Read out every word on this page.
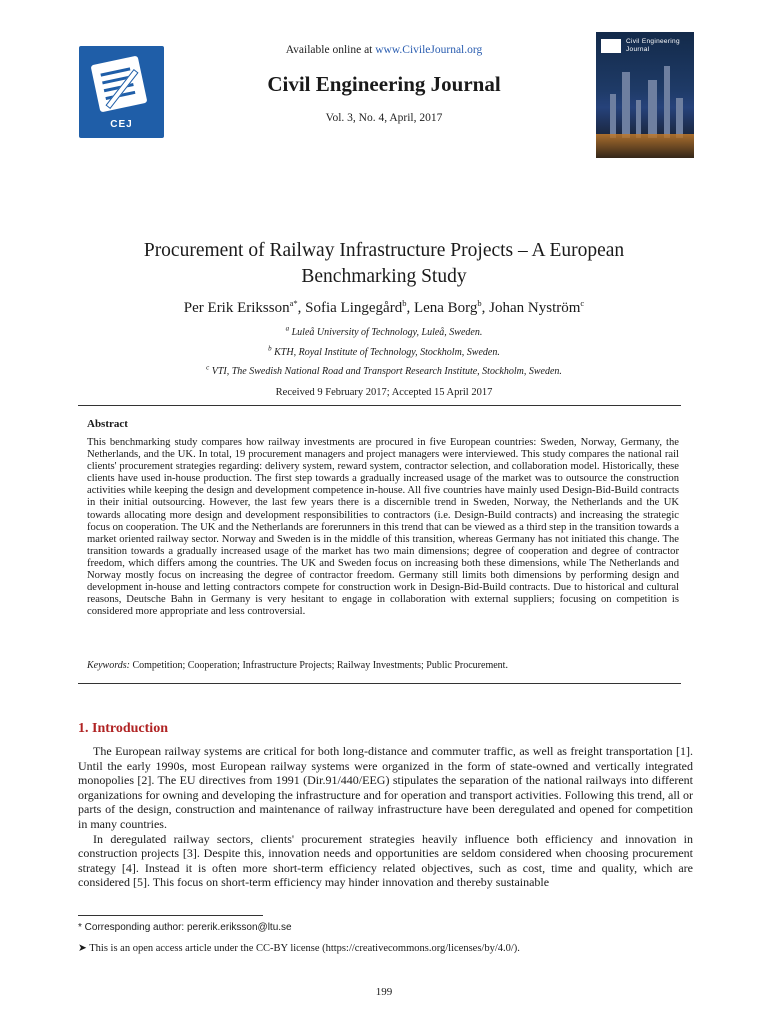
CEJ
Available online at www.CivileJournal.org
Civil Engineering Journal
Vol. 3, No. 4, April, 2017
Civil Engineering
Journal
Procurement of Railway Infrastructure Projects – A European Benchmarking Study
Per Erik Eriksson$^{a*}$, Sofia Lingegård$^b$, Lena Borg$^b$, Johan Nyström$^c$
$^a$ Luleå University of Technology, Luleå, Sweden.
$^b$ KTH, Royal Institute of Technology, Stockholm, Sweden.
$^c$ VTI, The Swedish National Road and Transport Research Institute, Stockholm, Sweden.
Received 9 February 2017; Accepted 15 April 2017
Abstract
This benchmarking study compares how railway investments are procured in five European countries: Sweden, Norway, Germany, the Netherlands, and the UK. In total, 19 procurement managers and project managers were interviewed. This study compares the national rail clients' procurement strategies regarding: delivery system, reward system, contractor selection, and collaboration model. Historically, these clients have used in-house production. The first step towards a gradually increased usage of the market was to outsource the construction activities while keeping the design and development competence in-house. All five countries have mainly used Design-Bid-Build contracts in their initial outsourcing. However, the last few years there is a discernible trend in Sweden, Norway, the Netherlands and the UK towards allocating more design and development responsibilities to contractors (i.e. Design-Build contracts) and increasing the strategic focus on cooperation. The UK and the Netherlands are forerunners in this trend that can be viewed as a third step in the transition towards a market oriented railway sector. Norway and Sweden is in the middle of this transition, whereas Germany has not initiated this change. The transition towards a gradually increased usage of the market has two main dimensions; degree of cooperation and degree of contractor freedom, which differs among the countries. The UK and Sweden focus on increasing both these dimensions, while The Netherlands and Norway mostly focus on increasing the degree of contractor freedom. Germany still limits both dimensions by performing design and development in-house and letting contractors compete for construction work in Design-Bid-Build contracts. Due to historical and cultural reasons, Deutsche Bahn in Germany is very hesitant to engage in collaboration with external suppliers; focusing on competition is considered more appropriate and less controversial.
Keywords: Competition; Cooperation; Infrastructure Projects; Railway Investments; Public Procurement.
1. Introduction

The European railway systems are critical for both long-distance and commuter traffic, as well as freight transportation [1]. Until the early 1990s, most European railway systems were organized in the form of state-owned and vertically integrated monopolies [2]. The EU directives from 1991 (Dir.91/440/EEG) stipulates the separation of the national railways into different organizations for owning and developing the infrastructure and for operation and transport activities. Following this trend, all or parts of the design, construction and maintenance of railway infrastructure have been deregulated and opened for competition in many countries.

In deregulated railway sectors, clients' procurement strategies heavily influence both efficiency and innovation in construction projects [3]. Despite this, innovation needs and opportunities are seldom considered when choosing procurement strategy [4]. Instead it is often more short-term efficiency related objectives, such as cost, time and quality, which are considered [5]. This focus on short-term efficiency may hinder innovation and thereby sustainable

* Corresponding author: pererik.eriksson@ltu.se
➤ This is an open access article under the CC-BY license (https://creativecommons.org/licenses/by/4.0/).
199
